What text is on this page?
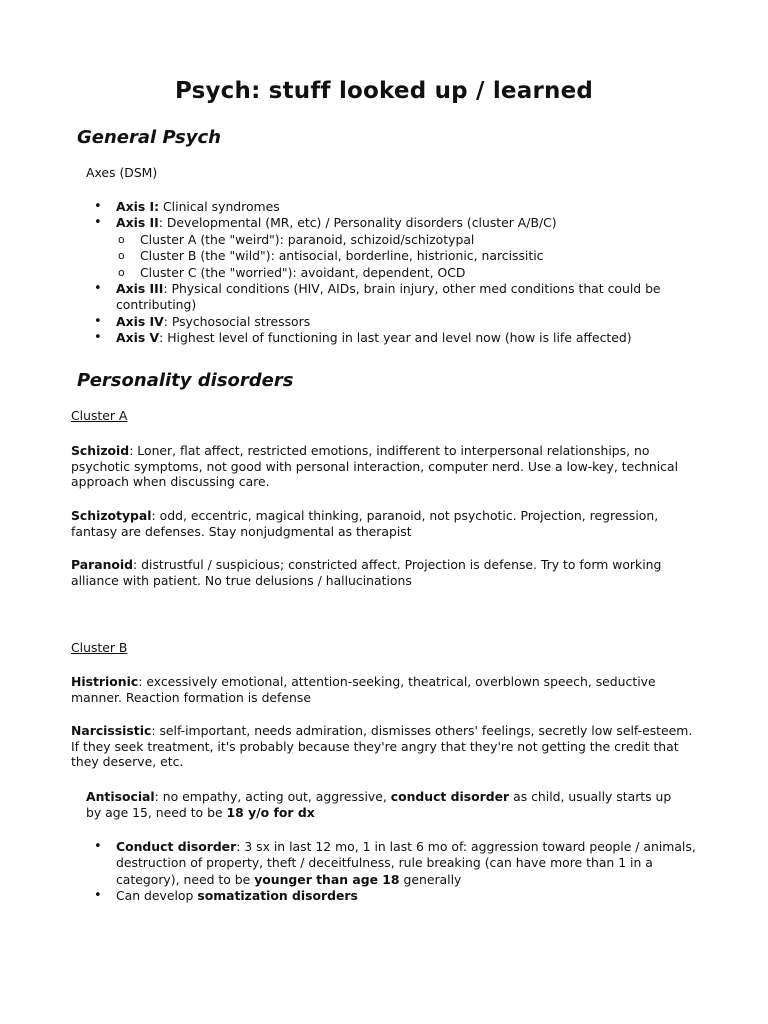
Psych: stuff looked up / learned
General Psych
Axes (DSM)
• Axis I: Clinical syndromes
• Axis II: Developmental (MR, etc) / Personality disorders (cluster A/B/C)
o Cluster A (the "weird"): paranoid, schizoid/schizotypal
o Cluster B (the "wild"): antisocial, borderline, histrionic, narcissitic
o Cluster C (the "worried"): avoidant, dependent, OCD
• Axis III: Physical conditions (HIV, AIDs, brain injury, other med conditions that could be contributing)
• Axis IV: Psychosocial stressors
• Axis V: Highest level of functioning in last year and level now (how is life affected)
Personality disorders
Cluster A
Schizoid: Loner, flat affect, restricted emotions, indifferent to interpersonal relationships, no psychotic symptoms, not good with personal interaction, computer nerd. Use a low-key, technical approach when discussing care.
Schizotypal: odd, eccentric, magical thinking, paranoid, not psychotic. Projection, regression, fantasy are defenses. Stay nonjudgmental as therapist
Paranoid: distrustful / suspicious; constricted affect. Projection is defense. Try to form working alliance with patient. No true delusions / hallucinations
Cluster B
Histrionic: excessively emotional, attention-seeking, theatrical, overblown speech, seductive manner. Reaction formation is defense
Narcissistic: self-important, needs admiration, dismisses others' feelings, secretly low self-esteem. If they seek treatment, it's probably because they're angry that they're not getting the credit that they deserve, etc.
Antisocial: no empathy, acting out, aggressive, conduct disorder as child, usually starts up by age 15, need to be 18 y/o for dx
• Conduct disorder: 3 sx in last 12 mo, 1 in last 6 mo of: aggression toward people / animals, destruction of property, theft / deceitfulness, rule breaking (can have more than 1 in a category), need to be younger than age 18 generally
• Can develop somatization disorders
